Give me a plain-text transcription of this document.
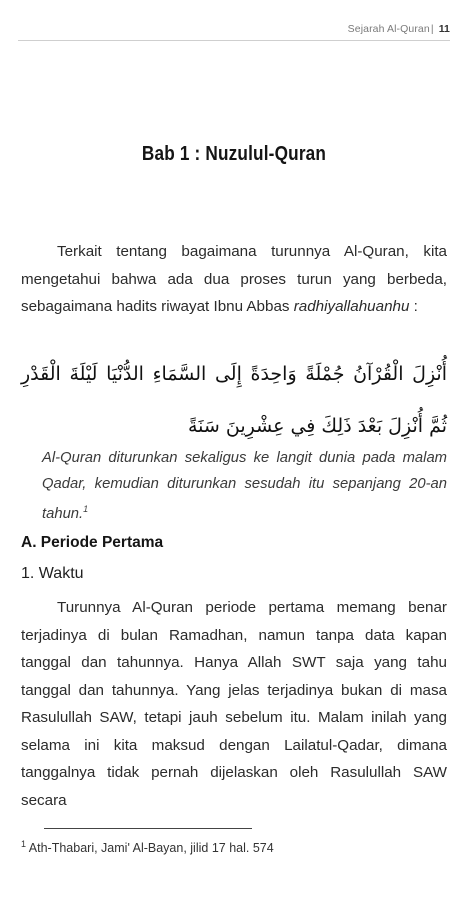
Sejarah Al-Quran| 11
Bab 1 : Nuzulul-Quran
Terkait tentang bagaimana turunnya Al-Quran, kita mengetahui bahwa ada dua proses turun yang berbeda, sebagaimana hadits riwayat Ibnu Abbas radhiyallahuanhu :
أُنْزِلَ الْقُرْآنُ جُمْلَةً وَاحِدَةً إِلَى السَّمَاءِ الدُّنْيَا لَيْلَةَ الْقَدْرِ ثُمَّ أُنْزِلَ بَعْدَ ذَلِكَ فِي عِشْرِينَ سَنَةً
Al-Quran diturunkan sekaligus ke langit dunia pada malam Qadar, kemudian diturunkan sesudah itu sepanjang 20-an tahun.$^1$
A. Periode Pertama
1. Waktu
Turunnya Al-Quran periode pertama memang benar terjadinya di bulan Ramadhan, namun tanpa data kapan tanggal dan tahunnya. Hanya Allah SWT saja yang tahu tanggal dan tahunnya. Yang jelas terjadinya bukan di masa Rasulullah SAW, tetapi jauh sebelum itu. Malam inilah yang selama ini kita maksud dengan Lailatul-Qadar, dimana tanggalnya tidak pernah dijelaskan oleh Rasulullah SAW secara
$^1$ Ath-Thabari, Jami' Al-Bayan, jilid 17 hal. 574
